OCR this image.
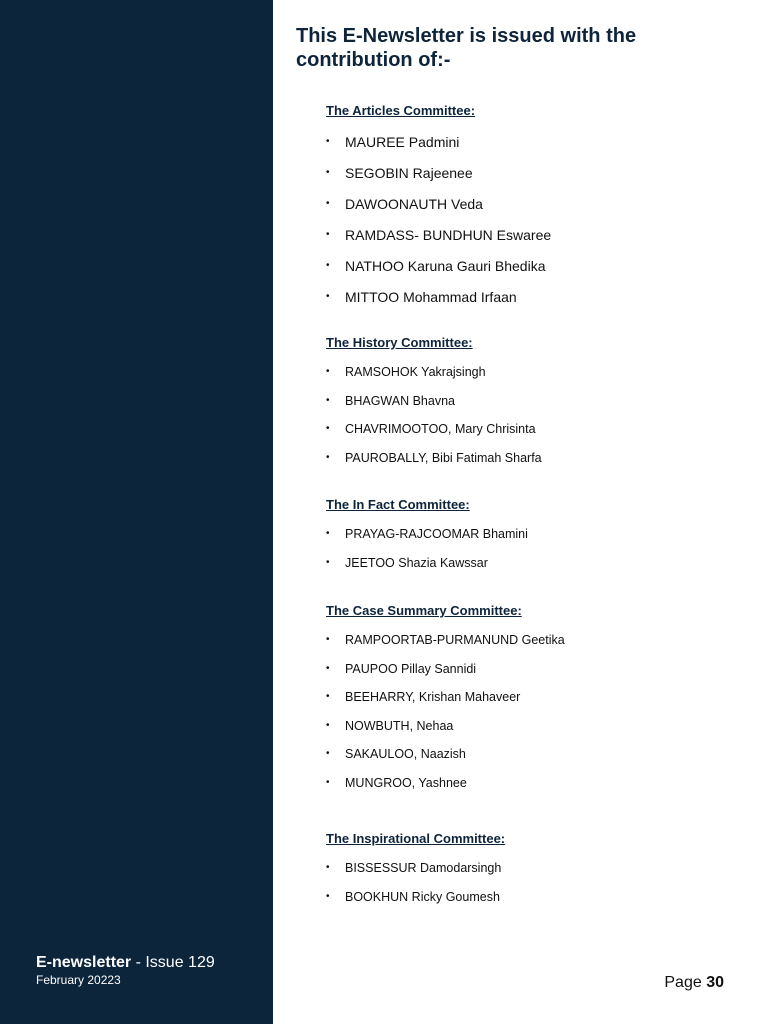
E-newsletter - Issue 129
February 20223
This E-Newsletter is issued with the contribution of:-
The Articles Committee:
• MAUREE Padmini
• SEGOBIN Rajeenee
• DAWOONAUTH Veda
• RAMDASS- BUNDHUN Eswaree
• NATHOO Karuna Gauri Bhedika
• MITTOO Mohammad Irfaan
The History Committee:
• RAMSOHOK Yakrajsingh
• BHAGWAN Bhavna
• CHAVRIMOOTOO, Mary Chrisinta
• PAUROBALLY, Bibi Fatimah Sharfa
The In Fact Committee:
• PRAYAG-RAJCOOMAR Bhamini
• JEETOO Shazia Kawssar
The Case Summary Committee:
• RAMPOORTAB-PURMANUND Geetika
• PAUPOO Pillay Sannidi
• BEEHARRY, Krishan Mahaveer
• NOWBUTH, Nehaa
• SAKAULOO, Naazish
• MUNGROO, Yashnee
The Inspirational Committee:
• BISSESSUR Damodarsingh
• BOOKHUN Ricky Goumesh
Page 30
